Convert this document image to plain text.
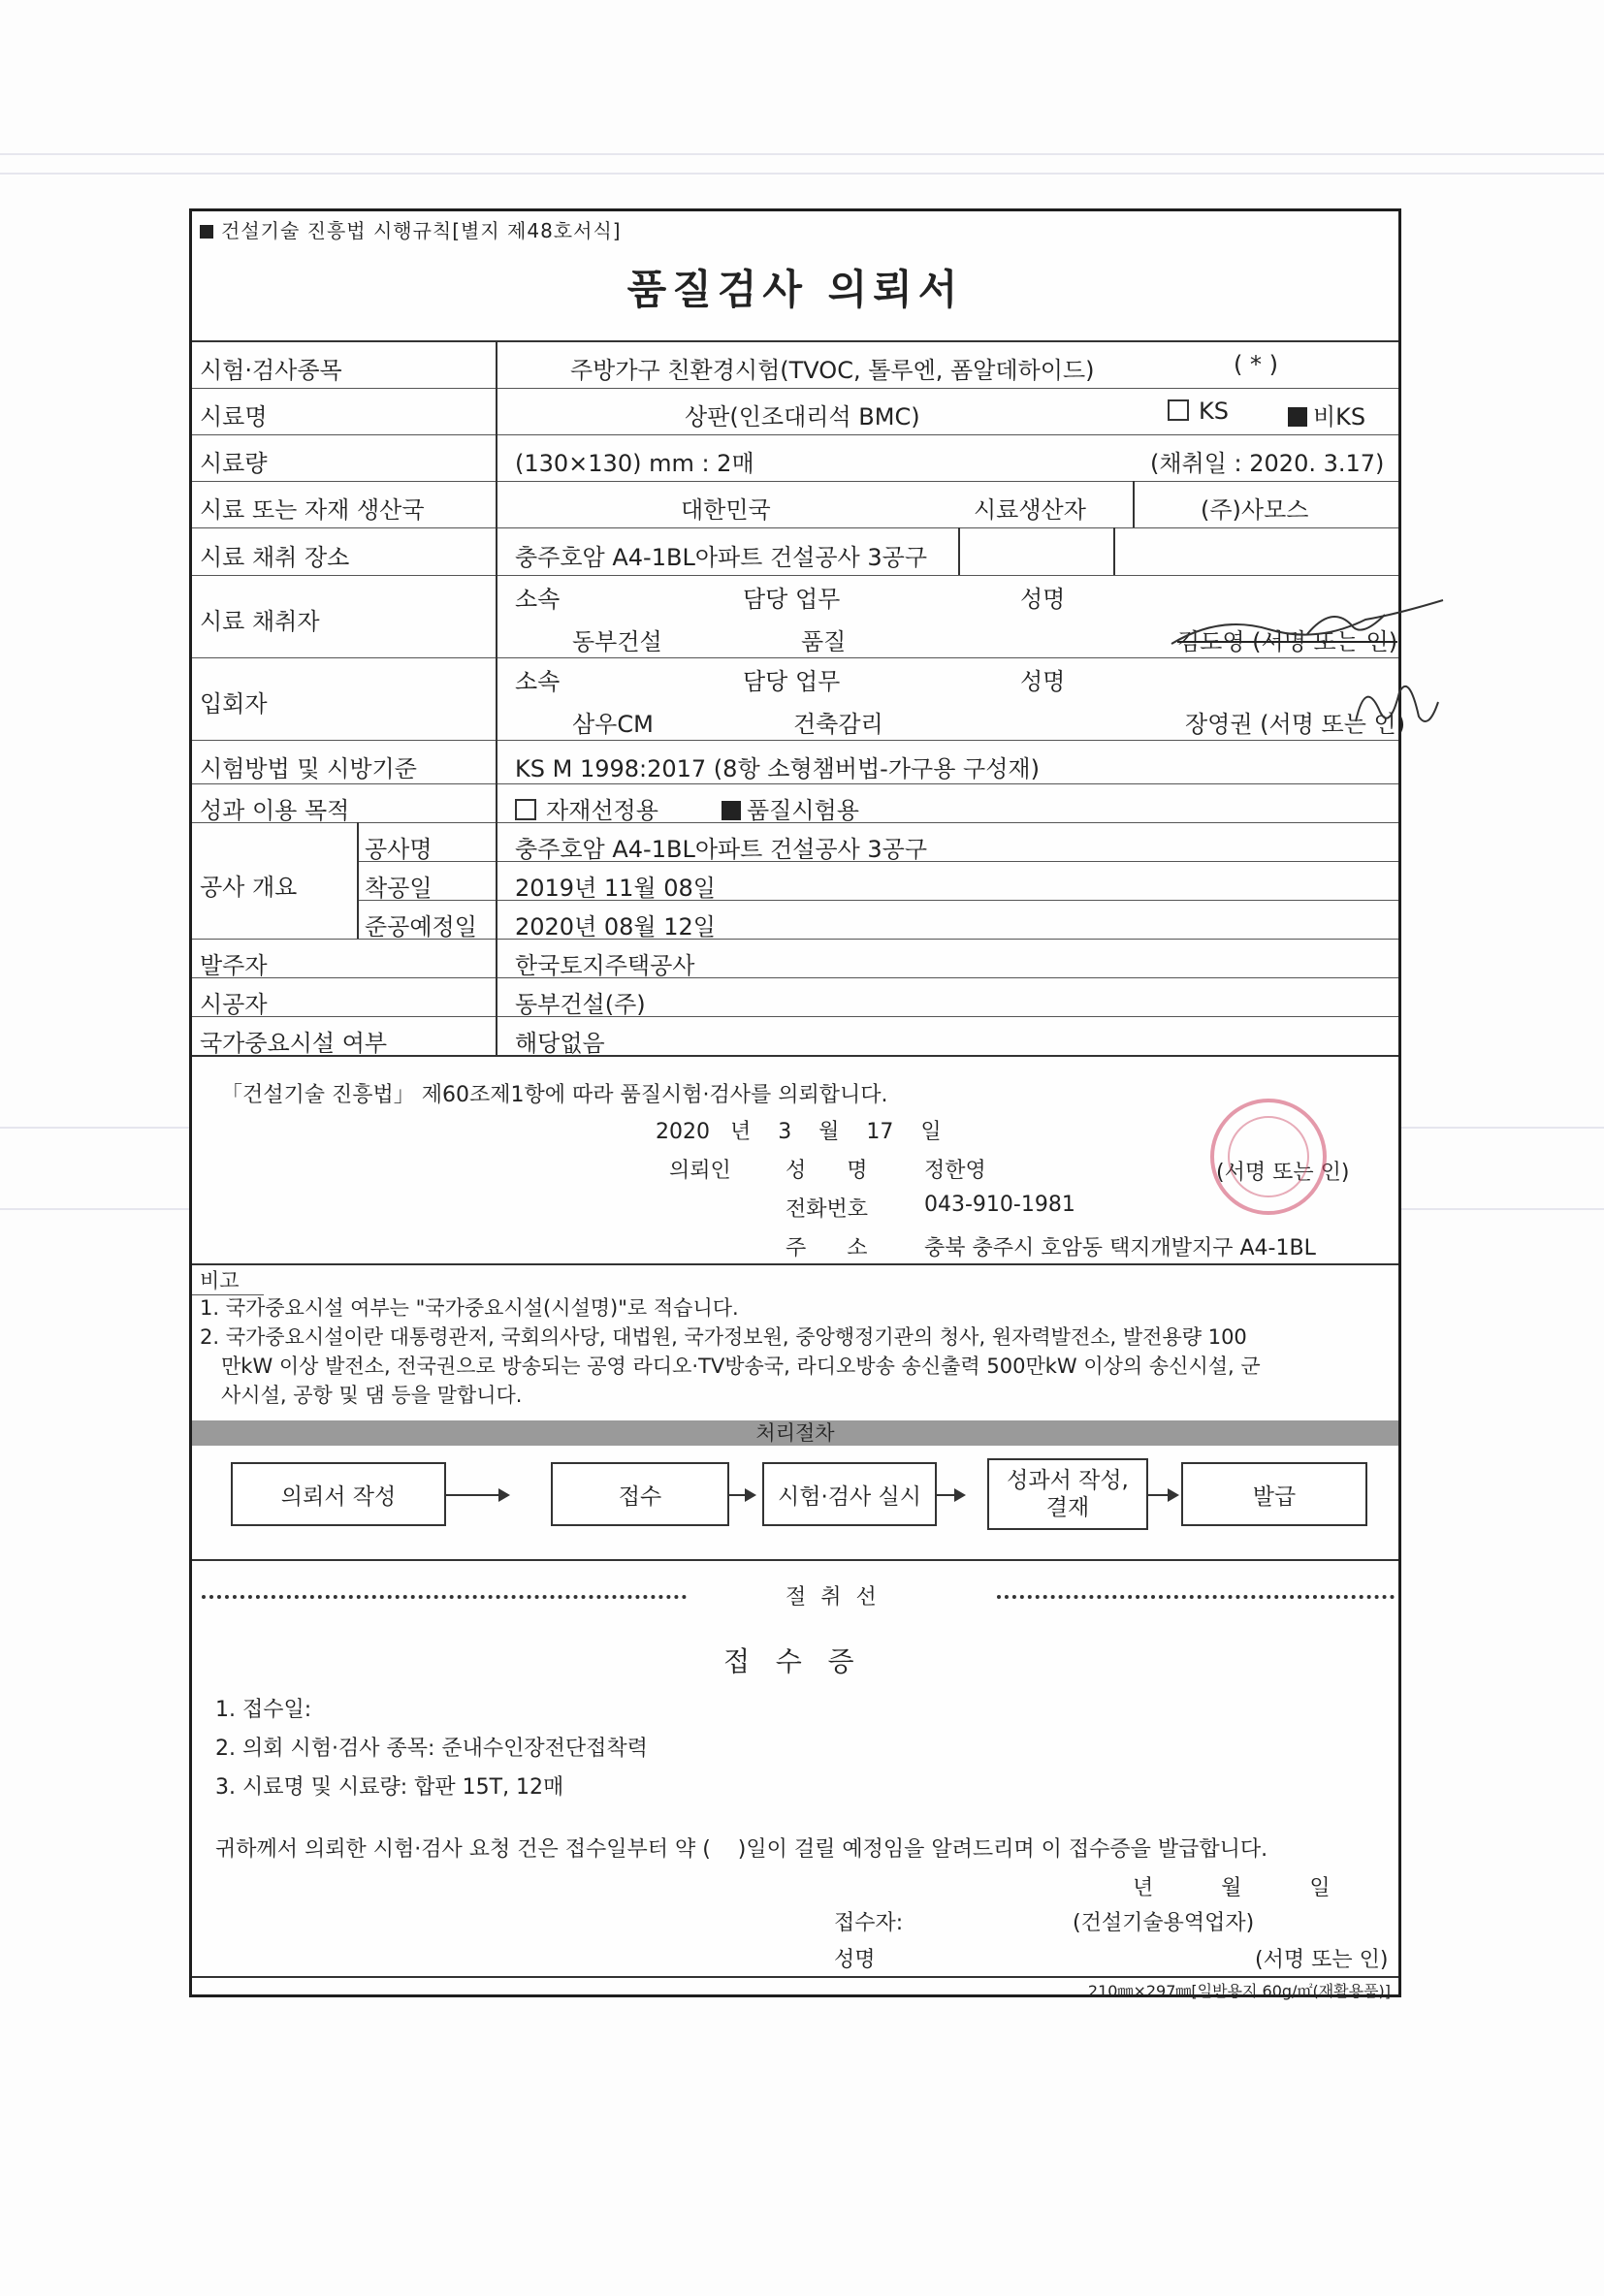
건설기술 진흥법 시행규칙[별지 제48호서식]
품질검사 의뢰서
시험·검사종목	주방가구 친환경시험(TVOC, 톨루엔, 폼알데하이드)	( * )
시료명	상판(인조대리석 BMC)	KS	비KS
시료량	(130×130) mm : 2매	(채취일 : 2020. 3.17)
시료 또는 자재 생산국	대한민국	시료생산자	(주)사모스
시료 채취 장소	충주호암 A4-1BL아파트 건설공사 3공구
시료 채취자
소속	담당 업무	성명
동부건설	품질	김도영 (서명 또는 인)
입회자
소속	담당 업무	성명
삼우CM	건축감리	장영권 (서명 또는 인)
시험방법 및 시방기준	KS M 1998:2017 (8항 소형챔버법-가구용 구성재)
성과 이용 목적	자재선정용	품질시험용
공사 개요
공사명	충주호암 A4-1BL아파트 건설공사 3공구
착공일	2019년 11월 08일
준공예정일 2020년 08월 12일
발주자	한국토지주택공사
시공자	동부건설(주)
국가중요시설 여부	해당없음
「건설기술 진흥법」 제60조제1항에 따라 품질시험·검사를 의뢰합니다.
2020   년    3    월    17    일
의뢰인	성      명	정한영	(서명 또는 인)
전화번호	043-910-1981
주      소	충북 충주시 호암동 택지개발지구 A4-1BL
비고
1. 국가중요시설 여부는 "국가중요시설(시설명)"로 적습니다.
2. 국가중요시설이란 대통령관저, 국회의사당, 대법원, 국가정보원, 중앙행정기관의 청사, 원자력발전소, 발전용량 100
만kW 이상 발전소, 전국권으로 방송되는 공영 라디오·TV방송국, 라디오방송 송신출력 500만kW 이상의 송신시설, 군
사시설, 공항 및 댐 등을 말합니다.
처리절차
의뢰서 작성	접수	시험·검사 실시
성과서 작성,
결재	발급
절 취 선
접   수   증
1. 접수일:
2. 의회 시험·검사 종목: 준내수인장전단접착력
3. 시료명 및 시료량: 합판 15T, 12매
귀하께서 의뢰한 시험·검사 요청 건은 접수일부터 약 (    )일이 걸릴 예정임을 알려드리며 이 접수증을 발급합니다.
년          월          일
접수자:	(건설기술용역업자)
성명	(서명 또는 인)
210㎜×297㎜[일반용지 60g/㎡(재활용품)]
